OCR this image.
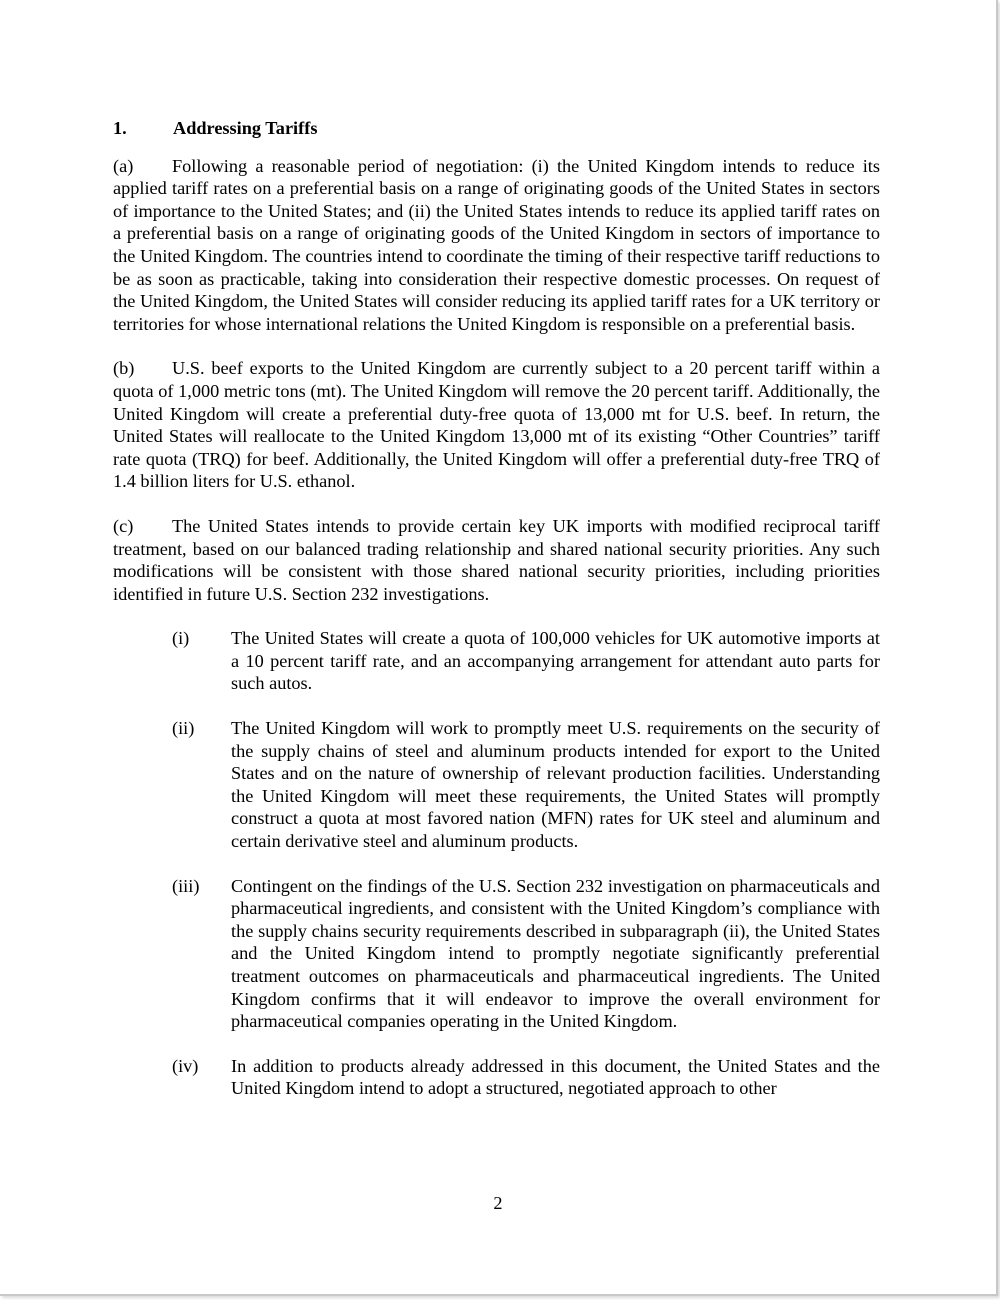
1.	Addressing Tariffs

(a) Following a reasonable period of negotiation: (i) the United Kingdom intends to reduce its applied tariff rates on a preferential basis on a range of originating goods of the United States in sectors of importance to the United States; and (ii) the United States intends to reduce its applied tariff rates on a preferential basis on a range of originating goods of the United Kingdom in sectors of importance to the United Kingdom. The countries intend to coordinate the timing of their respective tariff reductions to be as soon as practicable, taking into consideration their respective domestic processes. On request of the United Kingdom, the United States will consider reducing its applied tariff rates for a UK territory or territories for whose international relations the United Kingdom is responsible on a preferential basis.

(b) U.S. beef exports to the United Kingdom are currently subject to a 20 percent tariff within a quota of 1,000 metric tons (mt). The United Kingdom will remove the 20 percent tariff. Additionally, the United Kingdom will create a preferential duty-free quota of 13,000 mt for U.S. beef. In return, the United States will reallocate to the United Kingdom 13,000 mt of its existing “Other Countries” tariff rate quota (TRQ) for beef. Additionally, the United Kingdom will offer a preferential duty-free TRQ of 1.4 billion liters for U.S. ethanol.

(c) The United States intends to provide certain key UK imports with modified reciprocal tariff treatment, based on our balanced trading relationship and shared national security priorities. Any such modifications will be consistent with those shared national security priorities, including priorities identified in future U.S. Section 232 investigations.

(i)	The United States will create a quota of 100,000 vehicles for UK automotive imports at a 10 percent tariff rate, and an accompanying arrangement for attendant auto parts for such autos.
(ii)	The United Kingdom will work to promptly meet U.S. requirements on the security of the supply chains of steel and aluminum products intended for export to the United States and on the nature of ownership of relevant production facilities. Understanding the United Kingdom will meet these requirements, the United States will promptly construct a quota at most favored nation (MFN) rates for UK steel and aluminum and certain derivative steel and aluminum products.
(iii)	Contingent on the findings of the U.S. Section 232 investigation on pharmaceuticals and pharmaceutical ingredients, and consistent with the United Kingdom’s compliance with the supply chains security requirements described in subparagraph (ii), the United States and the United Kingdom intend to promptly negotiate significantly preferential treatment outcomes on pharmaceuticals and pharmaceutical ingredients. The United Kingdom confirms that it will endeavor to improve the overall environment for pharmaceutical companies operating in the United Kingdom.
(iv)	In addition to products already addressed in this document, the United States and the United Kingdom intend to adopt a structured, negotiated approach to other
2
